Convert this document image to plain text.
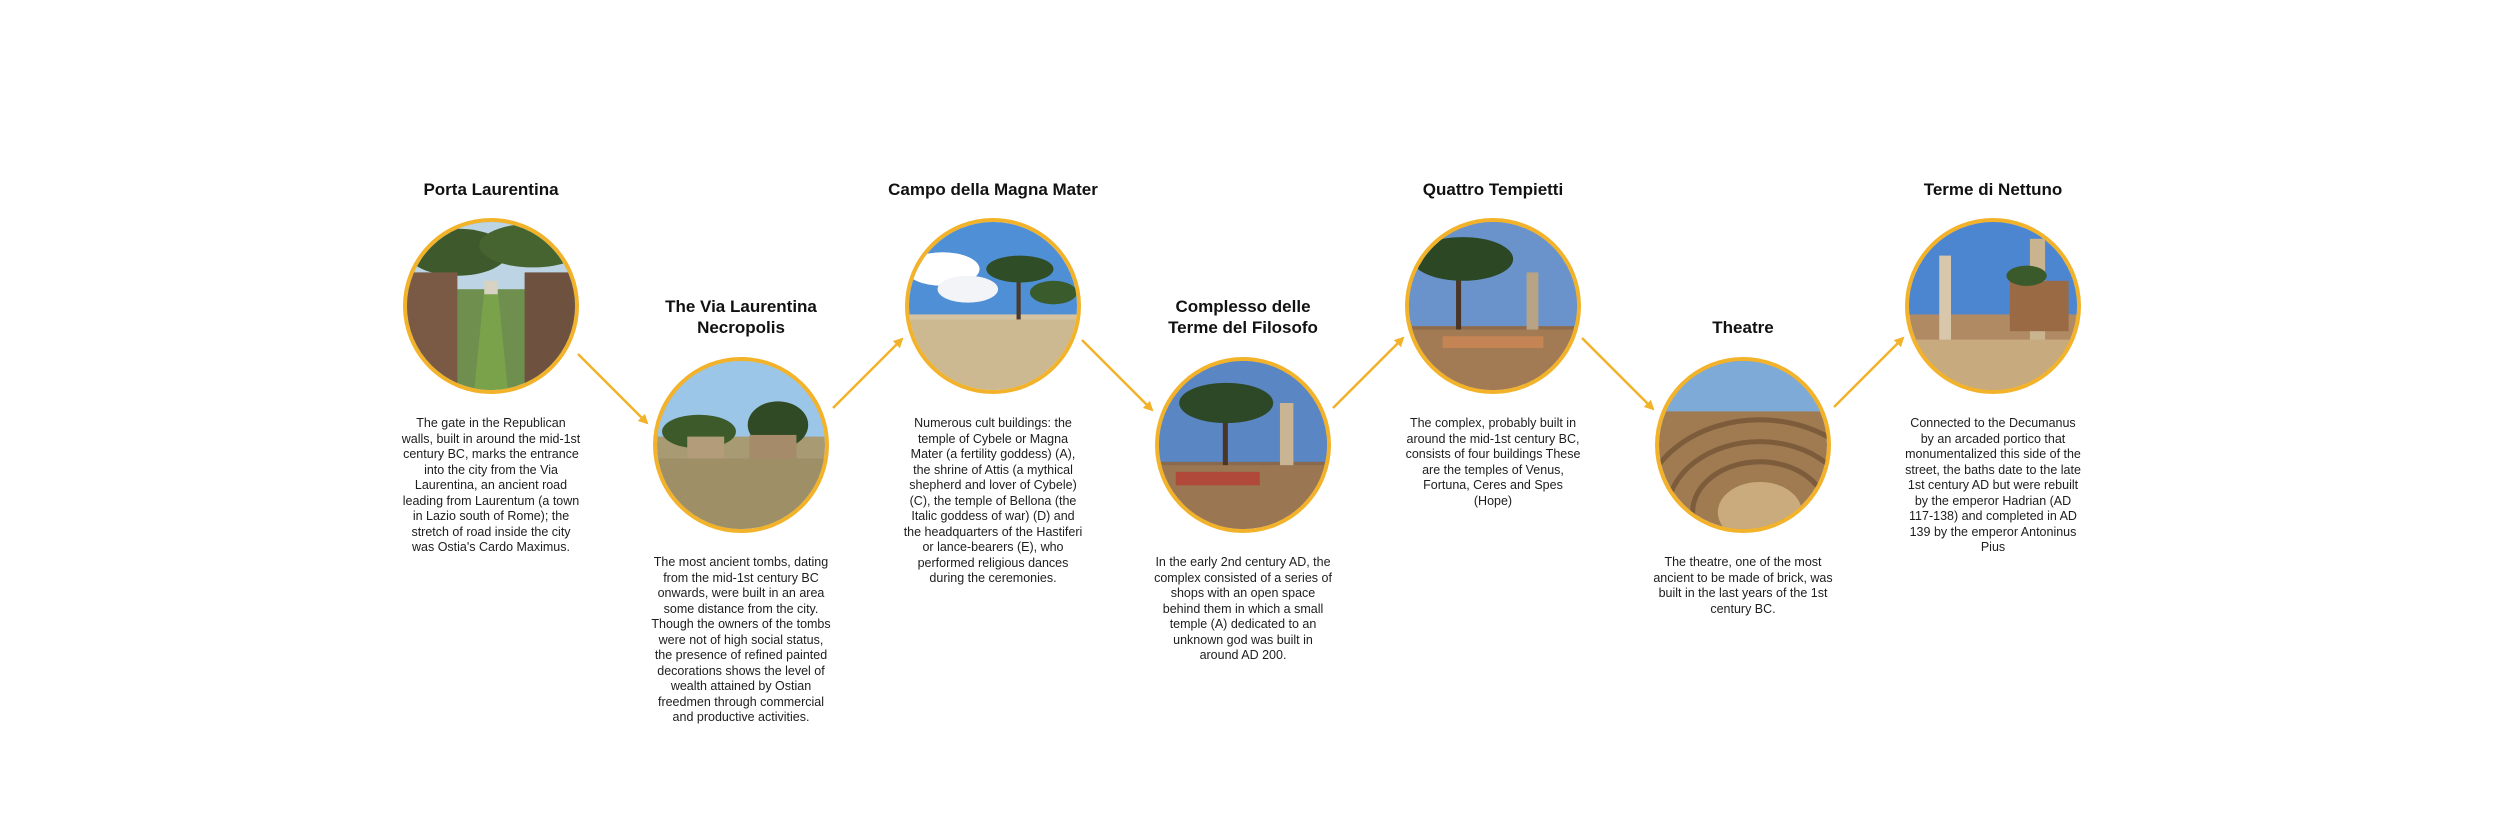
Porta Laurentina
The gate in the Republican walls, built in around the mid-1st century BC, marks the entrance into the city from the Via Laurentina, an ancient road leading from Laurentum (a town in Lazio south of Rome); the stretch of road inside the city was Ostia's Cardo Maximus.
The Via Laurentina
Necropolis
The most ancient tombs, dating from the mid-1st century BC onwards, were built in an area some distance from the city. Though the owners of the tombs were not of high social status, the presence of refined painted decorations shows the level of wealth attained by Ostian freedmen through commercial and productive activities.
Campo della Magna Mater
Numerous cult buildings: the temple of Cybele or Magna Mater (a fertility goddess) (A), the shrine of Attis (a mythical shepherd and lover of Cybele) (C), the temple of Bellona (the Italic goddess of war) (D) and the headquarters of the Hastiferi or lance-bearers (E), who performed religious dances during the ceremonies.
Complesso delle
Terme del Filosofo
In the early 2nd century AD, the complex consisted of a series of shops with an open space behind them in which a small temple (A) dedicated to an unknown god was built in around AD 200.
Quattro Tempietti
The complex, probably built in around the mid-1st century BC, consists of four buildings These are the temples of Venus, Fortuna, Ceres and Spes (Hope)
Theatre
The theatre, one of the most ancient to be made of brick, was built in the last years of the 1st century BC.
Terme di Nettuno
Connected to the Decumanus by an arcaded portico that monumentalized this side of the street, the baths date to the late 1st century AD but were rebuilt by the emperor Hadrian (AD 117-138) and completed in AD 139 by the emperor Antoninus Pius
